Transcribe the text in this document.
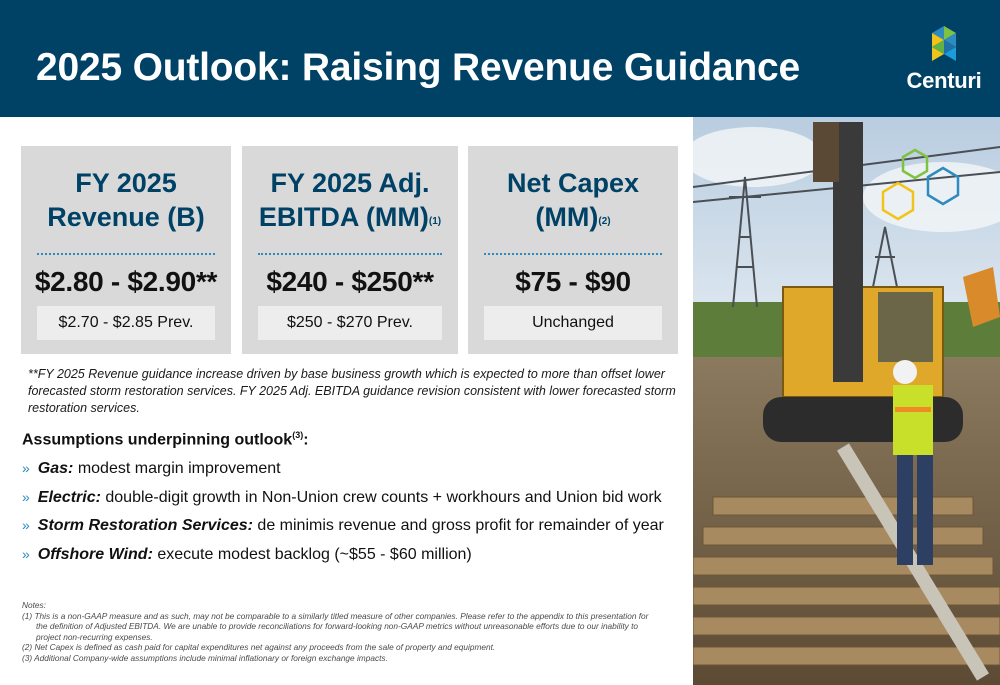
2025 Outlook: Raising Revenue Guidance	Centuri
FY 2025
Revenue (B)
$2.80 - $2.90**
$2.70 - $2.85 Prev.
FY 2025 Adj.
EBITDA (MM)$^{(1)}$
$240 - $250**
$250 - $270 Prev.
Net Capex
(MM)$^{(2)}$
$75 - $90
Unchanged
**FY 2025 Revenue guidance increase driven by base business growth which is expected to more than offset lower forecasted storm restoration services. FY 2025 Adj. EBITDA guidance revision consistent with lower forecasted storm restoration services.
Assumptions underpinning outlook$^{(3)}$:
» Gas: modest margin improvement
» Electric: double-digit growth in Non-Union crew counts + workhours and Union bid work
» Storm Restoration Services: de minimis revenue and gross profit for remainder of year
» Offshore Wind: execute modest backlog (~$55 - $60 million)
Notes:
(1) This is a non-GAAP measure and as such, may not be comparable to a similarly titled measure of other companies. Please refer to the appendix to this presentation for
the definition of Adjusted EBITDA. We are unable to provide reconciliations for forward-looking non-GAAP metrics without unreasonable efforts due to our inability to
project non-recurring expenses.
(2) Net Capex is defined as cash paid for capital expenditures net against any proceeds from the sale of property and equipment.
(3) Additional Company-wide assumptions include minimal inflationary or foreign exchange impacts.
